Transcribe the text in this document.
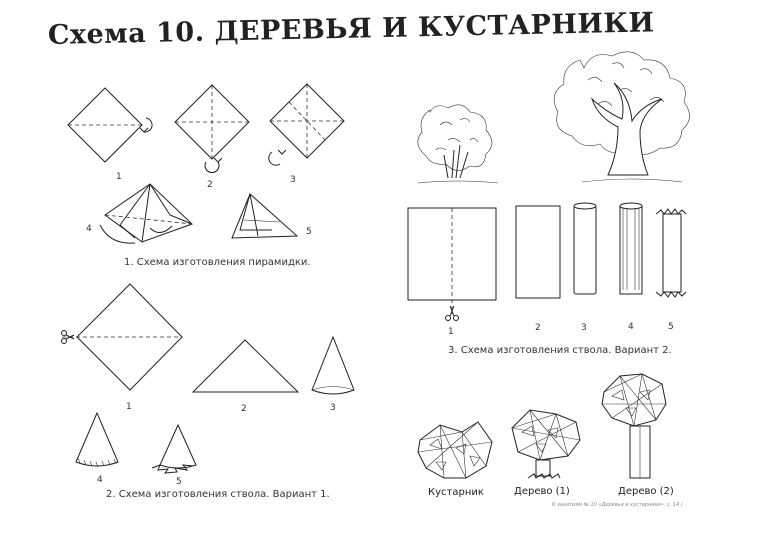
Схема 10. ДЕРЕВЬЯ И КУСТАРНИКИ
1
2	3
4	5
1. Схема изготовления пирамидки.
1	2	3
4	5
2. Схема изготовления ствола. Вариант 1.
1	2	3	4	5
3. Схема изготовления ствола. Вариант 2.
Кустарник	Дерево (1)	Дерево (2)
К занятиям № 10 «Деревья и кустарники», с. 14 )
